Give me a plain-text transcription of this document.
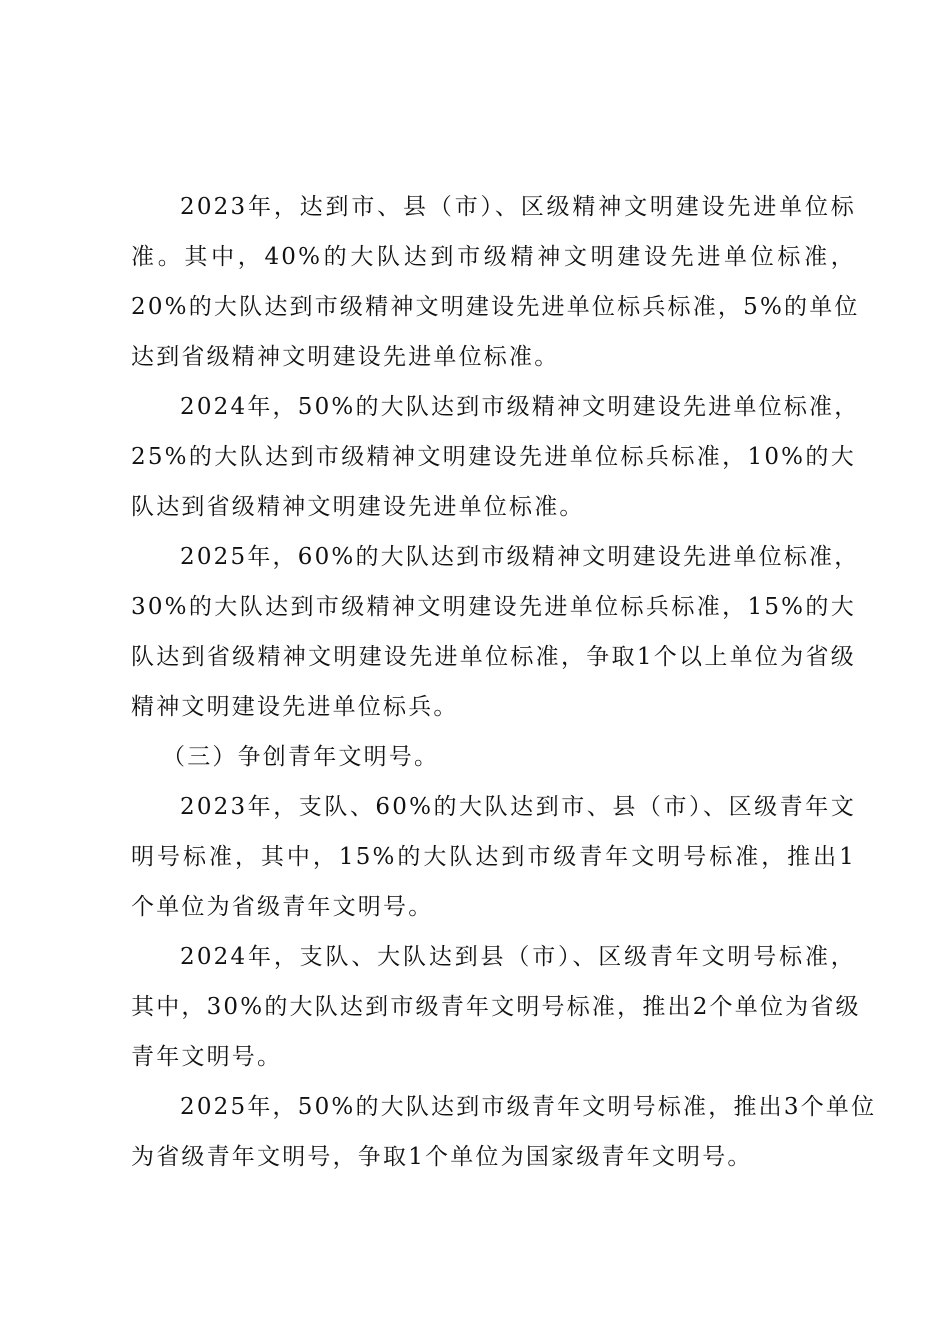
2023年，达到市、县（市）、区级精神文明建设先进单位标
准。其中，40%的大队达到市级精神文明建设先进单位标准，
20%的大队达到市级精神文明建设先进单位标兵标准，5%的单位
达到省级精神文明建设先进单位标准。
2024年，50%的大队达到市级精神文明建设先进单位标准，
25%的大队达到市级精神文明建设先进单位标兵标准，10%的大
队达到省级精神文明建设先进单位标准。
2025年，60%的大队达到市级精神文明建设先进单位标准，
30%的大队达到市级精神文明建设先进单位标兵标准，15%的大
队达到省级精神文明建设先进单位标准，争取1个以上单位为省级
精神文明建设先进单位标兵。
（三）争创青年文明号。
2023年，支队、60%的大队达到市、县（市）、区级青年文
明号标准，其中，15%的大队达到市级青年文明号标准，推出1
个单位为省级青年文明号。
2024年，支队、大队达到县（市）、区级青年文明号标准，
其中，30%的大队达到市级青年文明号标准，推出2个单位为省级
青年文明号。
2025年，50%的大队达到市级青年文明号标准，推出3个单位
为省级青年文明号，争取1个单位为国家级青年文明号。
